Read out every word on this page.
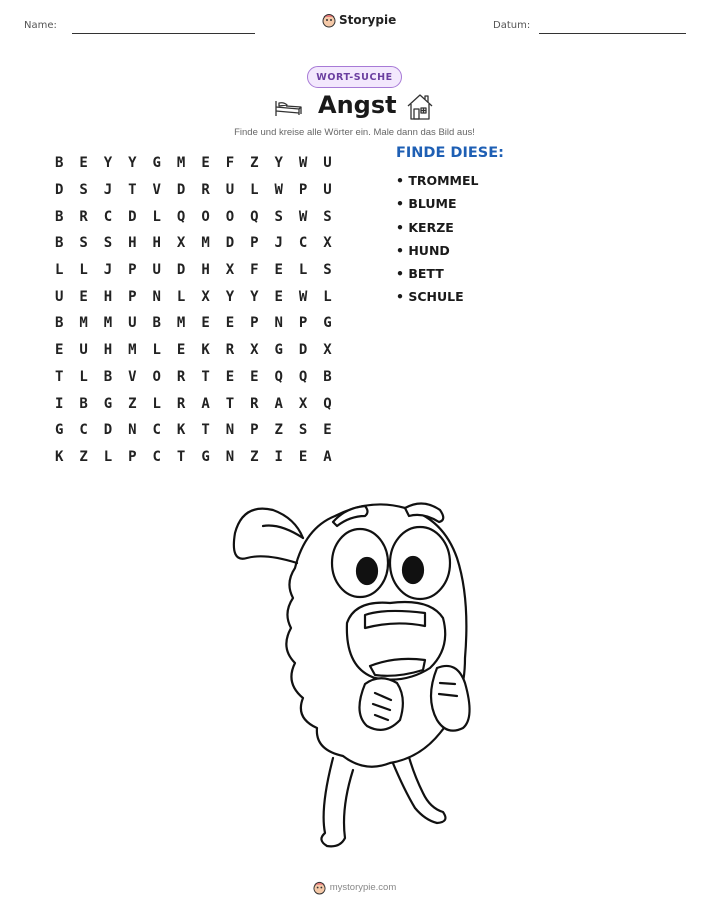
Name:	Storypie	Datum:
WORT-SUCHE
Angst
Finde und kreise alle Wörter ein. Male dann das Bild aus!
B	E	Y	Y	G	M	E	F	Z	Y	W	U
D	S	J	T	V	D	R	U	L	W	P	U
B	R	C	D	L	Q	O	O	Q	S	W	S
B	S	S	H	H	X	M	D	P	J	C	X
L	L	J	P	U	D	H	X	F	E	L	S
U	E	H	P	N	L	X	Y	Y	E	W	L
B	M	M	U	B	M	E	E	P	N	P	G
E	U	H	M	L	E	K	R	X	G	D	X
T	L	B	V	O	R	T	E	E	Q	Q	B
I	B	G	Z	L	R	A	T	R	A	X	Q
G	C	D	N	C	K	T	N	P	Z	S	E
K	Z	L	P	C	T	G	N	Z	I	E	A
FINDE DIESE:
• TROMMEL
• BLUME
• KERZE
• HUND
• BETT
• SCHULE
mystorypie.com
